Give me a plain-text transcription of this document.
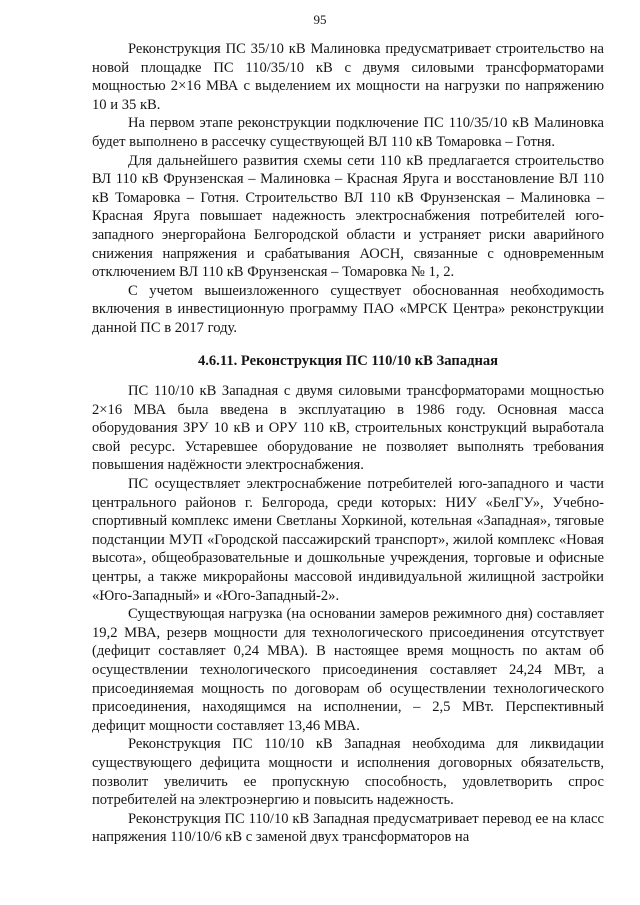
95

Реконструкция ПС 35/10 кВ Малиновка предусматривает строительство на новой площадке ПС 110/35/10 кВ с двумя силовыми трансформаторами мощностью 2×16 МВА с выделением их мощности на нагрузки по напряжению 10 и 35 кВ.

На первом этапе реконструкции подключение ПС 110/35/10 кВ Малиновка будет выполнено в рассечку существующей ВЛ 110 кВ Томаровка – Готня.

Для дальнейшего развития схемы сети 110 кВ предлагается строительство ВЛ 110 кВ Фрунзенская – Малиновка – Красная Яруга и восстановление ВЛ 110 кВ Томаровка – Готня. Строительство ВЛ 110 кВ Фрунзенская – Малиновка – Красная Яруга повышает надежность электроснабжения потребителей юго-западного энергорайона Белгородской области и устраняет риски аварийного снижения напряжения и срабатывания АОСН, связанные с одновременным отключением ВЛ 110 кВ Фрунзенская – Томаровка № 1, 2.

С учетом вышеизложенного существует обоснованная необходимость включения в инвестиционную программу ПАО «МРСК Центра» реконструкции данной ПС в 2017 году.

4.6.11. Реконструкция ПС 110/10 кВ Западная

ПС 110/10 кВ Западная с двумя силовыми трансформаторами мощностью 2×16 МВА была введена в эксплуатацию в 1986 году. Основная масса оборудования ЗРУ 10 кВ и ОРУ 110 кВ, строительных конструкций выработала свой ресурс. Устаревшее оборудование не позволяет выполнять требования повышения надёжности электроснабжения.

ПС осуществляет электроснабжение потребителей юго-западного и части центрального районов г. Белгорода, среди которых: НИУ «БелГУ», Учебно-спортивный комплекс имени Светланы Хоркиной, котельная «Западная», тяговые подстанции МУП «Городской пассажирский транспорт», жилой комплекс «Новая высота», общеобразовательные и дошкольные учреждения, торговые и офисные центры, а также микрорайоны массовой индивидуальной жилищной застройки «Юго-Западный» и «Юго-Западный-2».

Существующая нагрузка (на основании замеров режимного дня) составляет 19,2 МВА, резерв мощности для технологического присоединения отсутствует (дефицит составляет 0,24 МВА). В настоящее время мощность по актам об осуществлении технологического присоединения составляет 24,24 МВт, а присоединяемая мощность по договорам об осуществлении технологического присоединения, находящимся на исполнении, – 2,5 МВт. Перспективный дефицит мощности составляет 13,46 МВА.

Реконструкция ПС 110/10 кВ Западная необходима для ликвидации существующего дефицита мощности и исполнения договорных обязательств, позволит увеличить ее пропускную способность, удовлетворить спрос потребителей на электроэнергию и повысить надежность.

Реконструкция ПС 110/10 кВ Западная предусматривает перевод ее на класс напряжения 110/10/6 кВ с заменой двух трансформаторов на
